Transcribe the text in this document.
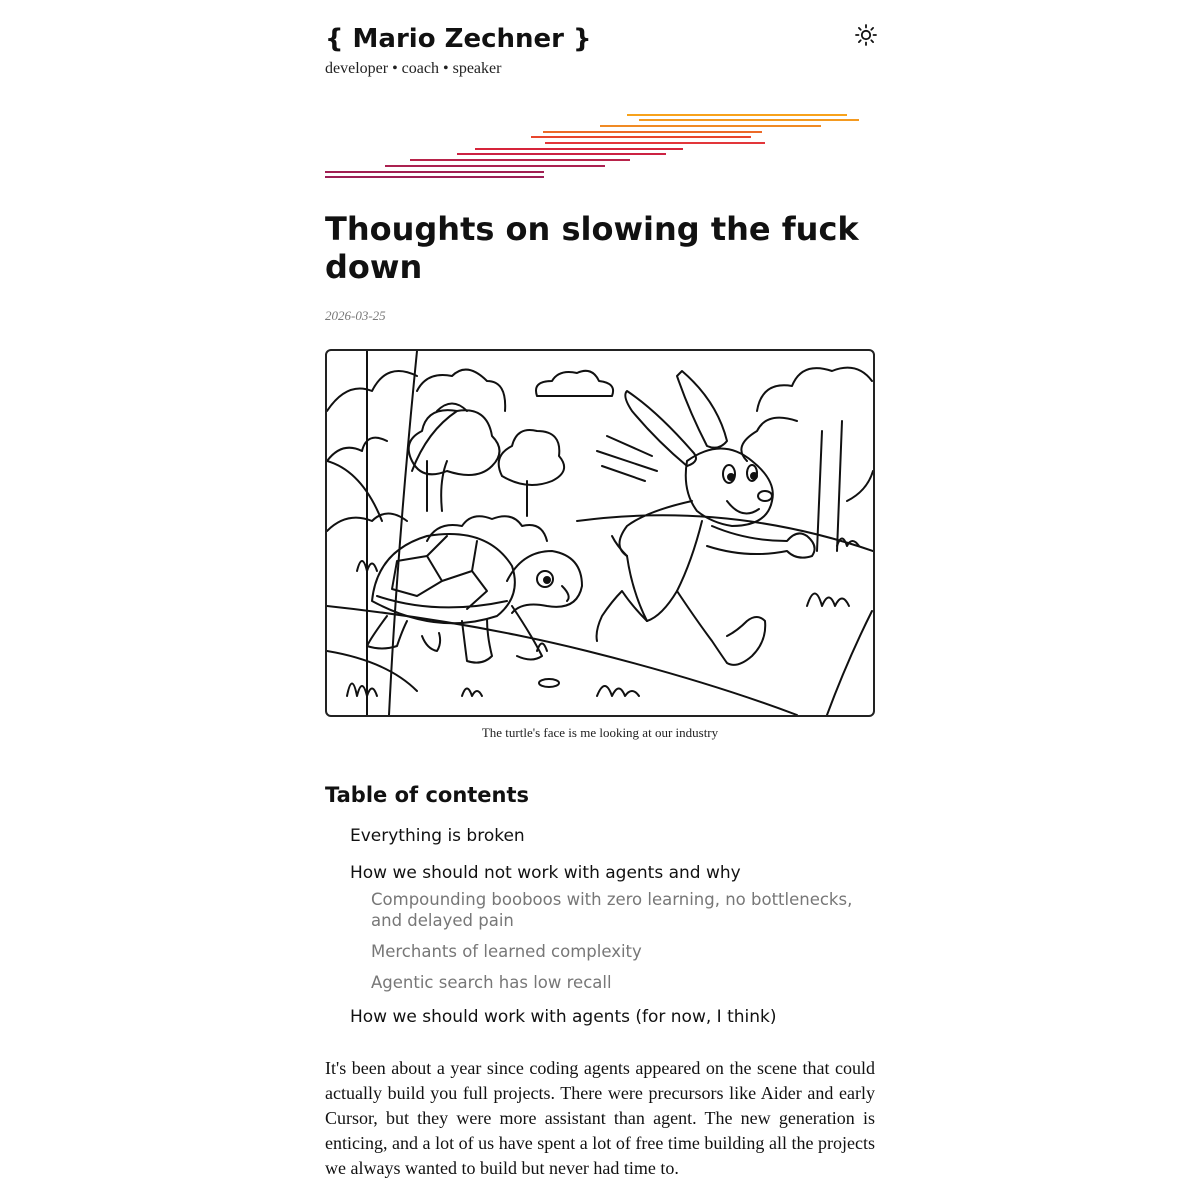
{ Mario Zechner }
developer • coach • speaker
Thoughts on slowing the fuck down
2026-03-25
The turtle's face is me looking at our industry
Table of contents
Everything is broken
How we should not work with agents and why
Compounding booboos with zero learning, no bottlenecks, and delayed pain
Merchants of learned complexity
Agentic search has low recall
How we should work with agents (for now, I think)

It's been about a year since coding agents appeared on the scene that could actually build you full projects. There were precursors like Aider and early Cursor, but they were more assistant than agent. The new generation is enticing, and a lot of us have spent a lot of free time building all the projects we always wanted to build but never had time to.
